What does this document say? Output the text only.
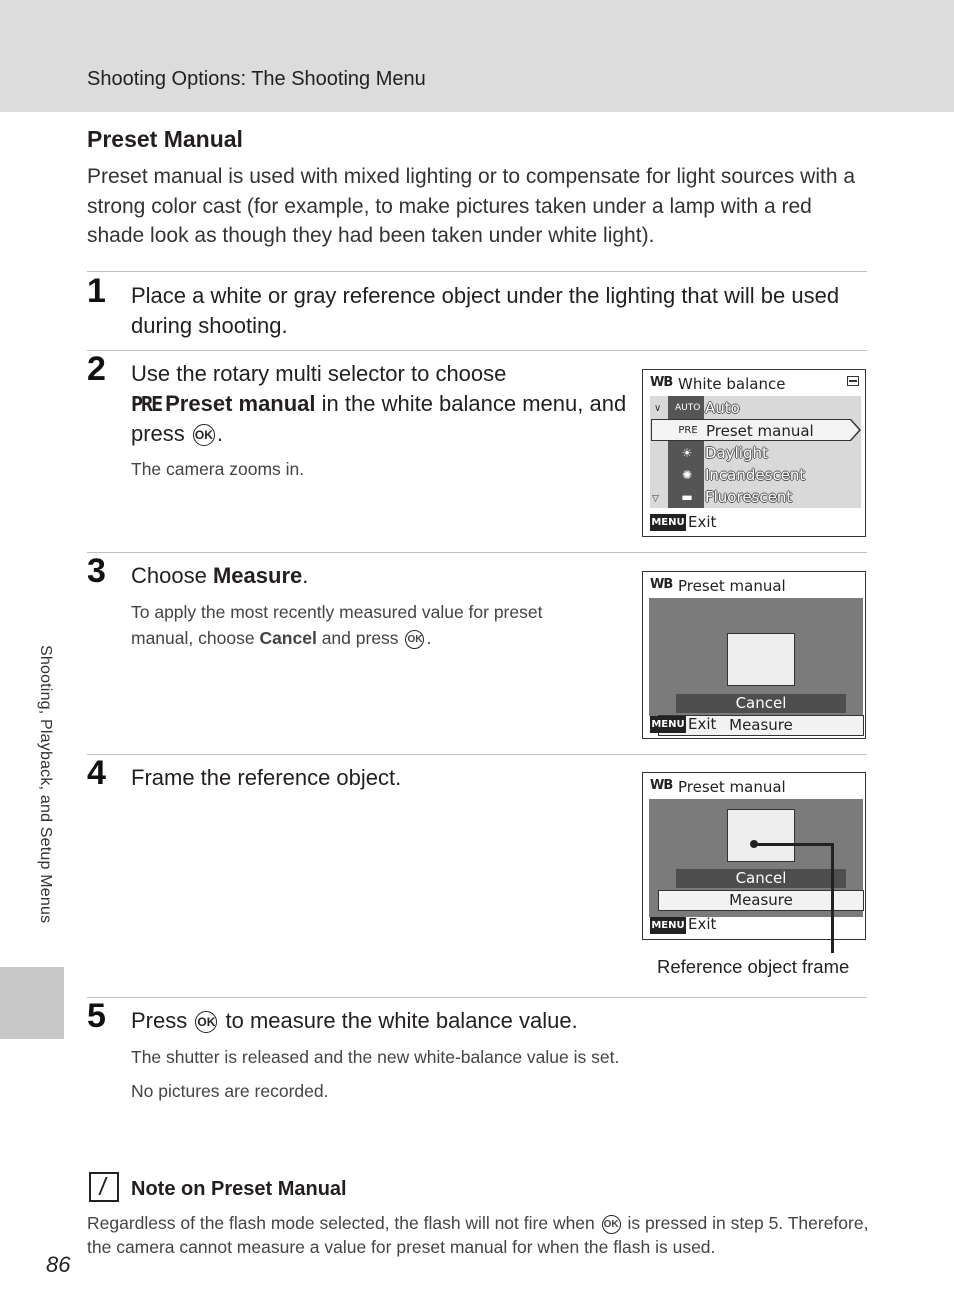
Shooting Options: The Shooting Menu
Shooting, Playback, and Setup Menus
86
Preset Manual
Preset manual is used with mixed lighting or to compensate for light sources with a strong color cast (for example, to make pictures taken under a lamp with a red shade look as though they had been taken under white light).
1 Place a white or gray reference object under the lighting that will be used during shooting.
2 Use the rotary multi selector to choose
PRE Preset manual in the white balance menu, and press OK .
The camera zooms in.
WB White balance
∨
▽
AUTO Auto
PRE Preset manual
☀ Daylight
✺ Incandescent
▬ Fluorescent
MENU Exit
3 Choose Measure.
To apply the most recently measured value for preset manual, choose Cancel and press OK .
WB Preset manual
Cancel
Measure
MENU Exit
4 Frame the reference object.	WB Preset manual
Cancel
Measure
MENU Exit
Reference object frame
5 Press OK to measure the white balance value.
The shutter is released and the new white-balance value is set.
No pictures are recorded.
Note on Preset Manual
Regardless of the flash mode selected, the flash will not fire when OK is pressed in step 5. Therefore, the camera cannot measure a value for preset manual for when the flash is used.
